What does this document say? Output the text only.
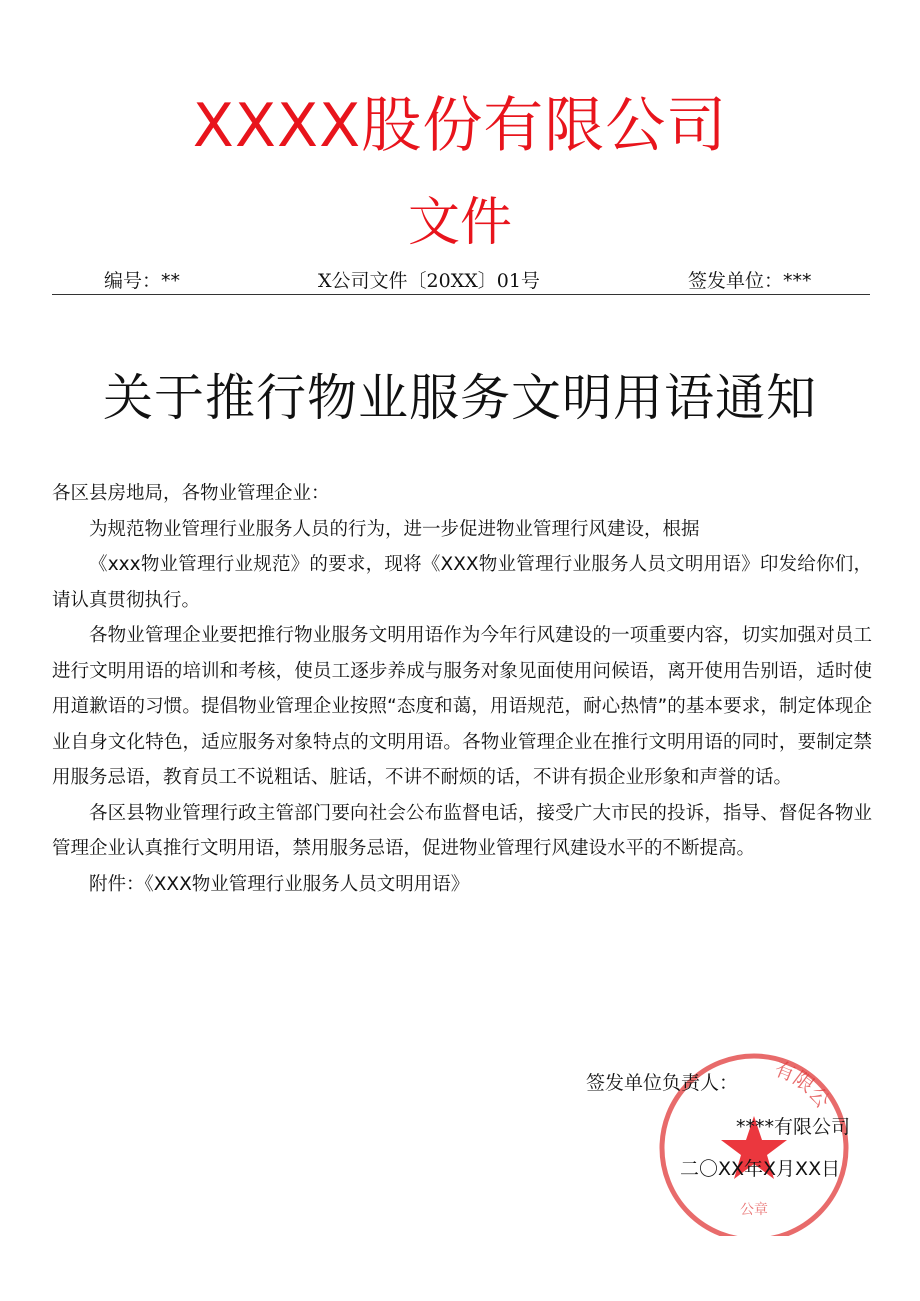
XXXX股份有限公司
文件
编号：**	X公司文件〔20XX〕01号	签发单位：***
关于推行物业服务文明用语通知

各区县房地局，各物业管理企业：

为规范物业管理行业服务人员的行为，进一步促进物业管理行风建设，根据

《xxx物业管理行业规范》的要求，现将《XXX物业管理行业服务人员文明用语》印发给你们，请认真贯彻执行。

各物业管理企业要把推行物业服务文明用语作为今年行风建设的一项重要内容，切实加强对员工进行文明用语的培训和考核，使员工逐步养成与服务对象见面使用问候语，离开使用告别语，适时使用道歉语的习惯。提倡物业管理企业按照“态度和蔼，用语规范，耐心热情”的基本要求，制定体现企业自身文化特色，适应服务对象特点的文明用语。各物业管理企业在推行文明用语的同时，要制定禁用服务忌语，教育员工不说粗话、脏话，不讲不耐烦的话，不讲有损企业形象和声誉的话。

各区县物业管理行政主管部门要向社会公布监督电话，接受广大市民的投诉，指导、督促各物业管理企业认真推行文明用语，禁用服务忌语，促进物业管理行风建设水平的不断提高。

附件：《XXX物业管理行业服务人员文明用语》

有限公
公章
签发单位负责人：
****有限公司
二〇XX年X月XX日
